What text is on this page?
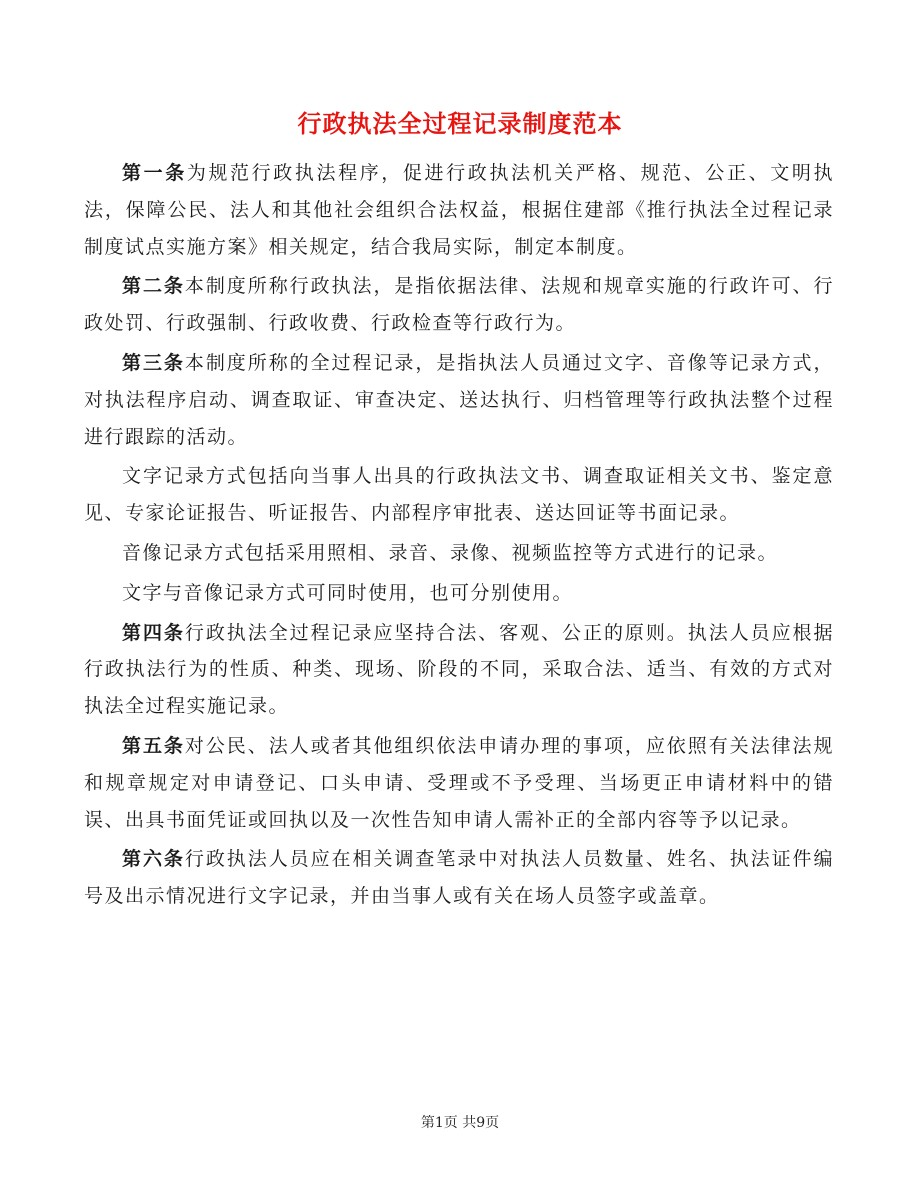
行政执法全过程记录制度范本

第一条为规范行政执法程序，促进行政执法机关严格、规范、公正、文明执法，保障公民、法人和其他社会组织合法权益，根据住建部《推行执法全过程记录制度试点实施方案》相关规定，结合我局实际，制定本制度。

第二条本制度所称行政执法，是指依据法律、法规和规章实施的行政许可、行政处罚、行政强制、行政收费、行政检查等行政行为。

第三条本制度所称的全过程记录，是指执法人员通过文字、音像等记录方式，对执法程序启动、调查取证、审查决定、送达执行、归档管理等行政执法整个过程进行跟踪的活动。

文字记录方式包括向当事人出具的行政执法文书、调查取证相关文书、鉴定意见、专家论证报告、听证报告、内部程序审批表、送达回证等书面记录。

音像记录方式包括采用照相、录音、录像、视频监控等方式进行的记录。

文字与音像记录方式可同时使用，也可分别使用。

第四条行政执法全过程记录应坚持合法、客观、公正的原则。执法人员应根据行政执法行为的性质、种类、现场、阶段的不同，采取合法、适当、有效的方式对执法全过程实施记录。

第五条对公民、法人或者其他组织依法申请办理的事项，应依照有关法律法规和规章规定对申请登记、口头申请、受理或不予受理、当场更正申请材料中的错误、出具书面凭证或回执以及一次性告知申请人需补正的全部内容等予以记录。

第六条行政执法人员应在相关调查笔录中对执法人员数量、姓名、执法证件编号及出示情况进行文字记录，并由当事人或有关在场人员签字或盖章。

第1页 共9页
